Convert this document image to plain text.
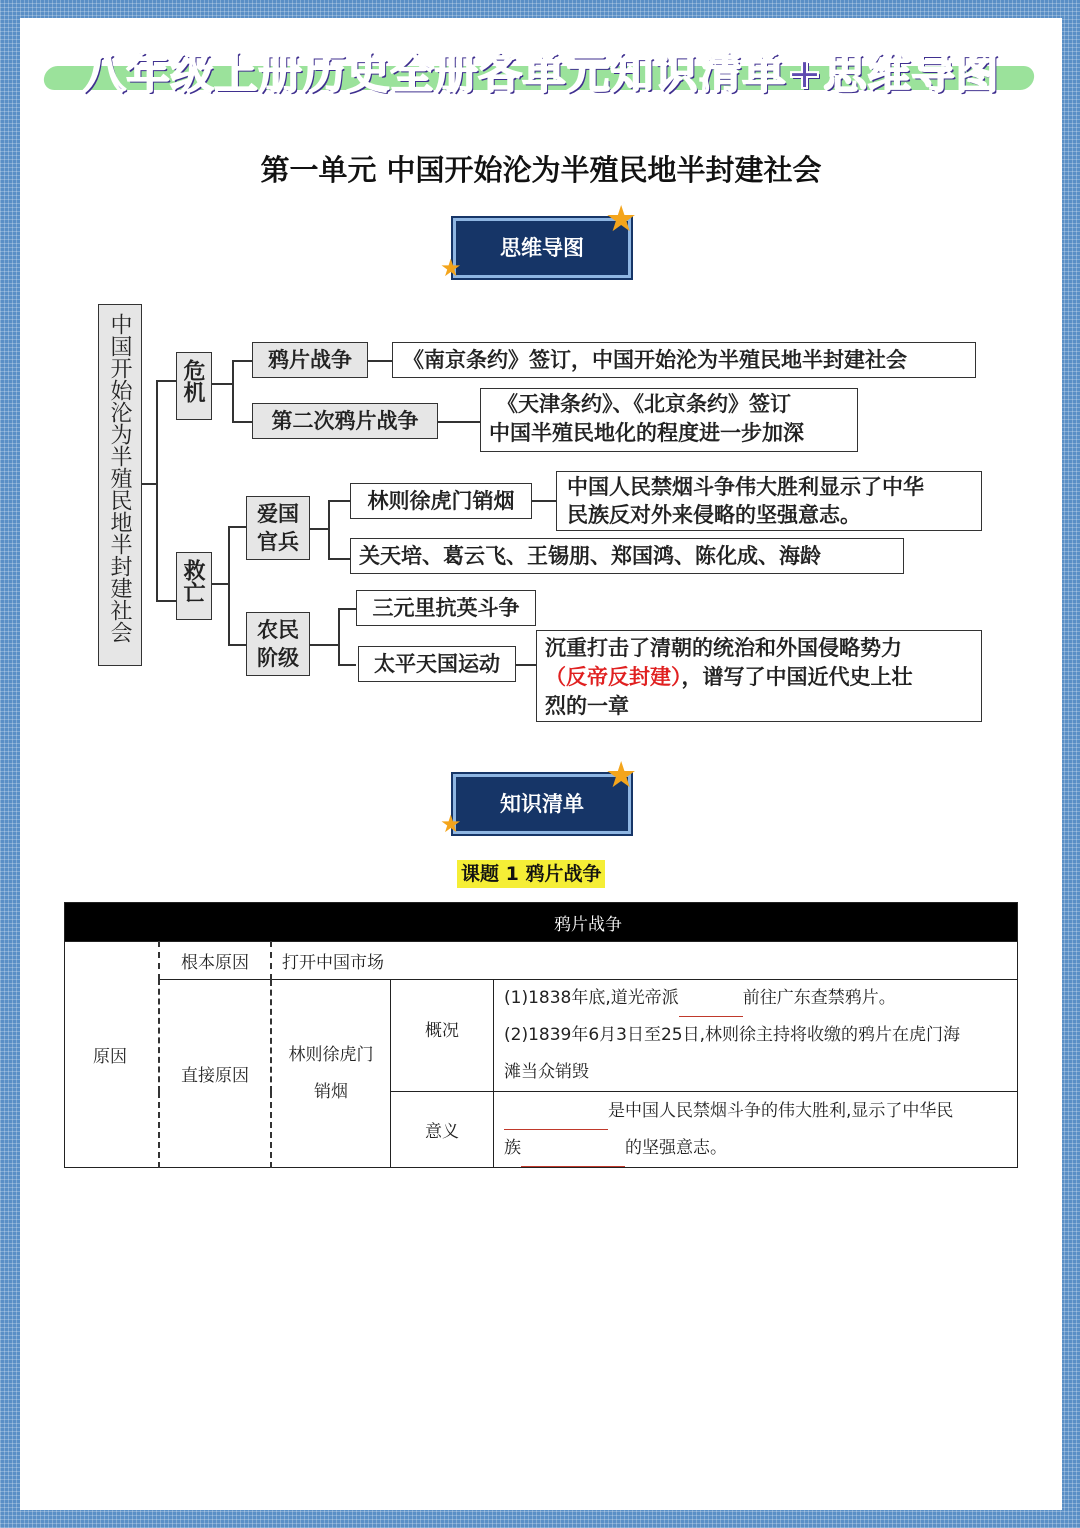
八年级上册历史全册各单元知识清单+思维导图
第一单元 中国开始沦为半殖民地半封建社会
思维导图
★
★
中国开始沦为半殖民地半封建社会	危机	鸦片战争	《南京条约》签订，中国开始沦为半殖民地半封建社会
第二次鸦片战争
《天津条约》、《北京条约》签订
中国半殖民地化的程度进一步加深
救亡
爱国官兵
林则徐虎门销烟
中国人民禁烟斗争伟大胜利显示了中华
民族反对外来侵略的坚强意志。
关天培、葛云飞、王锡朋、郑国鸿、陈化成、海龄
农民阶级
三元里抗英斗争
太平天国运动
沉重打击了清朝的统治和外国侵略势力
（反帝反封建），谱写了中国近代史上壮
烈的一章
知识清单
★
★
课题 1 鸦片战争
	鸦片战争			
原因	根本原因	打开中国市场		
	直接原因	林则徐虎门销烟	概况	(1)1838年底,道光帝派 前往广东查禁鸦片。
(2)1839年6月3日至25日,林则徐主持将收缴的鸦片在虎门海
滩当众销毁

			意义	是中国人民禁烟斗争的伟大胜利,显示了中华民
族 的坚强意志。
